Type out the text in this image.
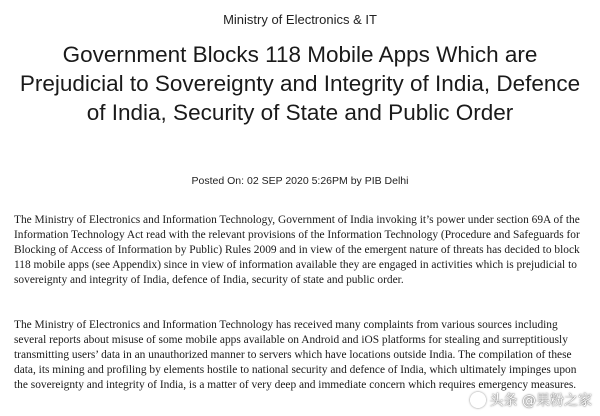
Ministry of Electronics & IT
Government Blocks 118 Mobile Apps Which are Prejudicial to Sovereignty and Integrity of India, Defence of India, Security of State and Public Order
Posted On: 02 SEP 2020 5:26PM by PIB Delhi

The Ministry of Electronics and Information Technology, Government of India invoking it’s power under section 69A of the Information Technology Act read with the relevant provisions of the Information Technology (Procedure and Safeguards for Blocking of Access of Information by Public) Rules 2009 and in view of the emergent nature of threats has decided to block 118 mobile apps (see Appendix) since in view of information available they are engaged in activities which is prejudicial to sovereignty and integrity of India, defence of India, security of state and public order.

The Ministry of Electronics and Information Technology has received many complaints from various sources including several reports about misuse of some mobile apps available on Android and iOS platforms for stealing and surreptitiously transmitting users’ data in an unauthorized manner to servers which have locations outside India. The compilation of these data, its mining and profiling by elements hostile to national security and defence of India, which ultimately impinges upon the sovereignty and integrity of India, is a matter of very deep and immediate concern which requires emergency measures.

头条 @果粉之家
